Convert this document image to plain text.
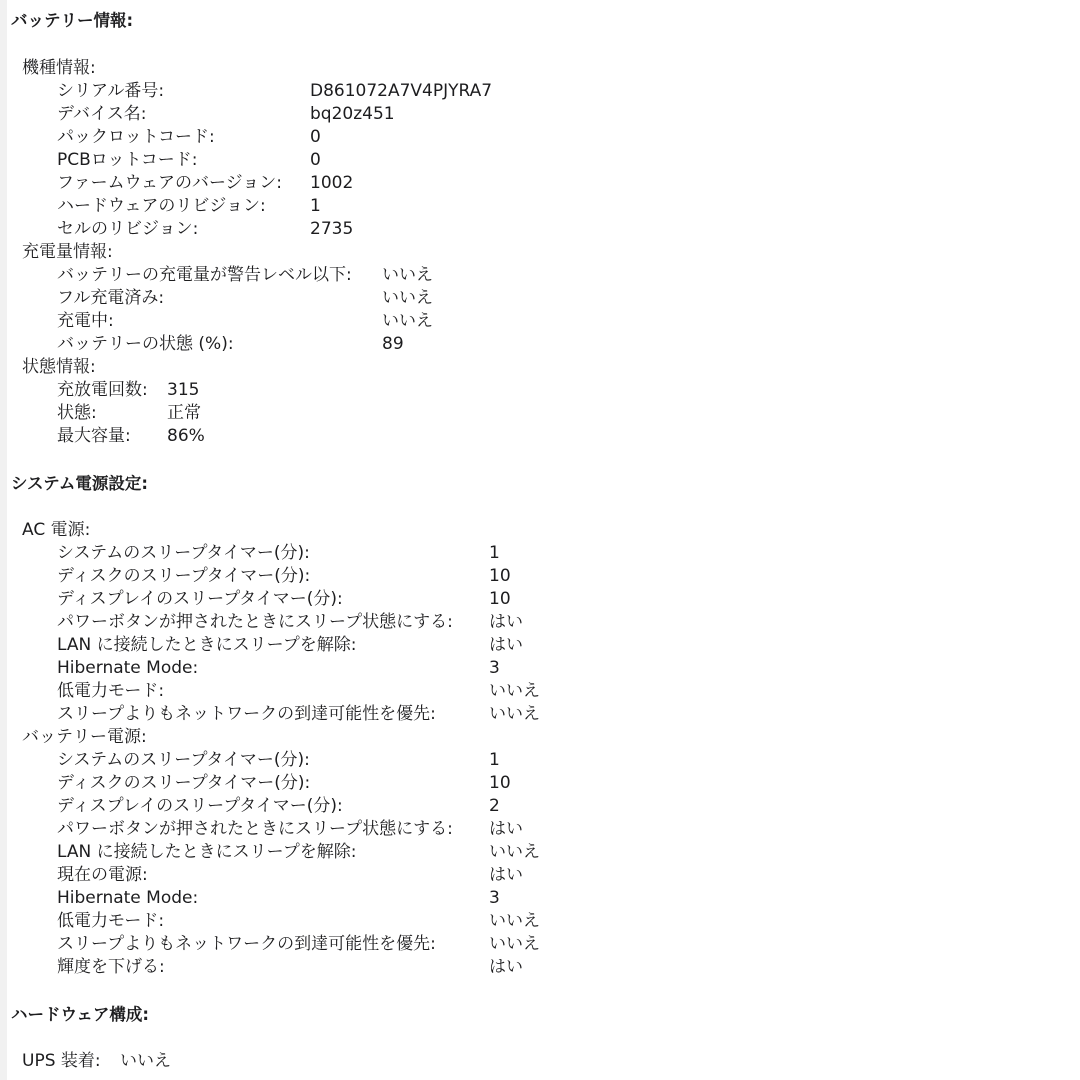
バッテリー情報:
機種情報:
シリアル番号:	D861072A7V4PJYRA7
デバイス名:	bq20z451
パックロットコード:	0
PCBロットコード:	0
ファームウェアのバージョン: 1002
ハードウェアのリビジョン:	1
セルのリビジョン:	2735
充電量情報:
バッテリーの充電量が警告レベル以下: いいえ
フル充電済み:	いいえ
充電中:	いいえ
バッテリーの状態 (%):	89
状態情報:
充放電回数: 315
状態:	正常
最大容量: 86%
システム電源設定:
AC 電源:
システムのスリープタイマー(分):	1
ディスクのスリープタイマー(分):	10
ディスプレイのスリープタイマー(分):	10
パワーボタンが押されたときにスリープ状態にする: はい
LAN に接続したときにスリープを解除:	はい
Hibernate Mode:	3
低電力モード:	いいえ
スリープよりもネットワークの到達可能性を優先:	いいえ
バッテリー電源:
システムのスリープタイマー(分):	1
ディスクのスリープタイマー(分):	10
ディスプレイのスリープタイマー(分):	2
パワーボタンが押されたときにスリープ状態にする: はい
LAN に接続したときにスリープを解除:	いいえ
現在の電源:	はい
Hibernate Mode:	3
低電力モード:	いいえ
スリープよりもネットワークの到達可能性を優先:	いいえ
輝度を下げる:	はい
ハードウェア構成:
UPS 装着: いいえ
